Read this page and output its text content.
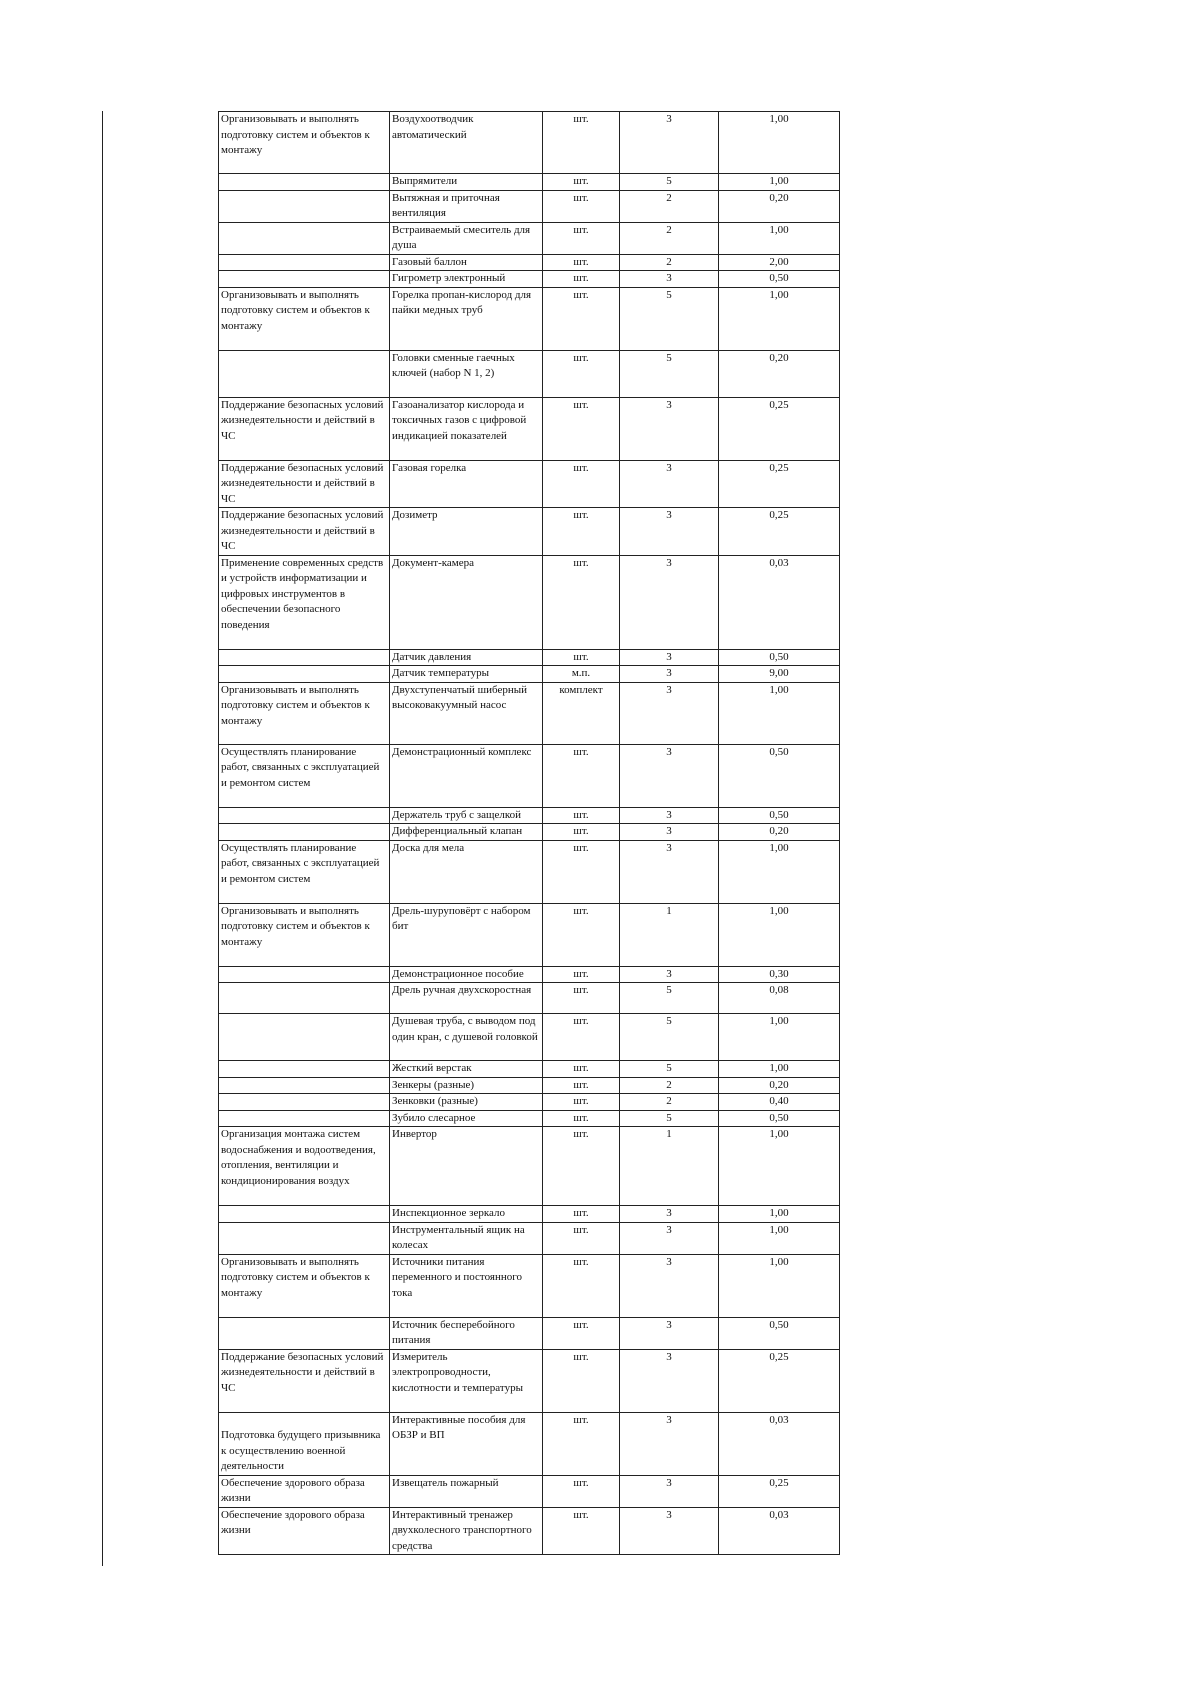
Организовывать и выполнять подготовку систем и объектов к монтажу	Воздухоотводчик автоматический	шт.	3	1,00
	Выпрямители	шт.	5	1,00
	Вытяжная и приточная вентиляция	шт.	2	0,20
	Встраиваемый смеситель для душа	шт.	2	1,00
	Газовый баллон	шт.	2	2,00
	Гигрометр электронный	шт.	3	0,50
Организовывать и выполнять подготовку систем и объектов к монтажу	Горелка пропан-кислород для пайки медных труб	шт.	5	1,00
	Головки сменные гаечных ключей (набор N 1, 2)	шт.	5	0,20
Поддержание безопасных условий жизнедеятельности и действий в ЧС	Газоанализатор кислорода и токсичных газов с цифровой индикацией показателей	шт.	3	0,25
Поддержание безопасных условий жизнедеятельности и действий в ЧС	Газовая горелка	шт.	3	0,25
Поддержание безопасных условий жизнедеятельности и действий в ЧС	Дозиметр	шт.	3	0,25
Применение современных средств и устройств информатизации и цифровых инструментов в обеспечении безопасного поведения	Документ-камера	шт.	3	0,03
	Датчик давления	шт.	3	0,50
	Датчик температуры	м.п.	3	9,00
Организовывать и выполнять подготовку систем и объектов к монтажу	Двухступенчатый шиберный высоковакуумный насос	комплект	3	1,00
Осуществлять планирование работ, связанных с эксплуатацией и ремонтом систем	Демонстрационный комплекс	шт.	3	0,50
	Держатель труб с защелкой	шт.	3	0,50
	Дифференциальный клапан	шт.	3	0,20
Осуществлять планирование работ, связанных с эксплуатацией и ремонтом систем	Доска для мела	шт.	3	1,00
Организовывать и выполнять подготовку систем и объектов к монтажу	Дрель-шуруповёрт с набором бит	шт.	1	1,00
	Демонстрационное пособие	шт.	3	0,30
	Дрель ручная двухскоростная	шт.	5	0,08
	Душевая труба, с выводом под один кран, с душевой головкой	шт.	5	1,00
	Жесткий верстак	шт.	5	1,00
	Зенкеры (разные)	шт.	2	0,20
	Зенковки (разные)	шт.	2	0,40
	Зубило слесарное	шт.	5	0,50
Организация монтажа систем водоснабжения и водоотведения, отопления, вентиляции и кондиционирования воздух	Инвертор	шт.	1	1,00
	Инспекционное зеркало	шт.	3	1,00
	Инструментальный ящик на колесах	шт.	3	1,00
Организовывать и выполнять подготовку систем и объектов к монтажу	Источники питания переменного и постоянного тока	шт.	3	1,00
	Источник бесперебойного питания	шт.	3	0,50
Поддержание безопасных условий жизнедеятельности и действий в ЧС	Измеритель электропроводности, кислотности и температуры	шт.	3	0,25
Подготовка будущего призывника к осуществлению военной деятельности	Интерактивные пособия для ОБЗР и ВП	шт.	3	0,03
Обеспечение здорового образа жизни	Извещатель пожарный	шт.	3	0,25
Обеспечение здорового образа жизни	Интерактивный тренажер двухколесного транспортного средства	шт.	3	0,03
